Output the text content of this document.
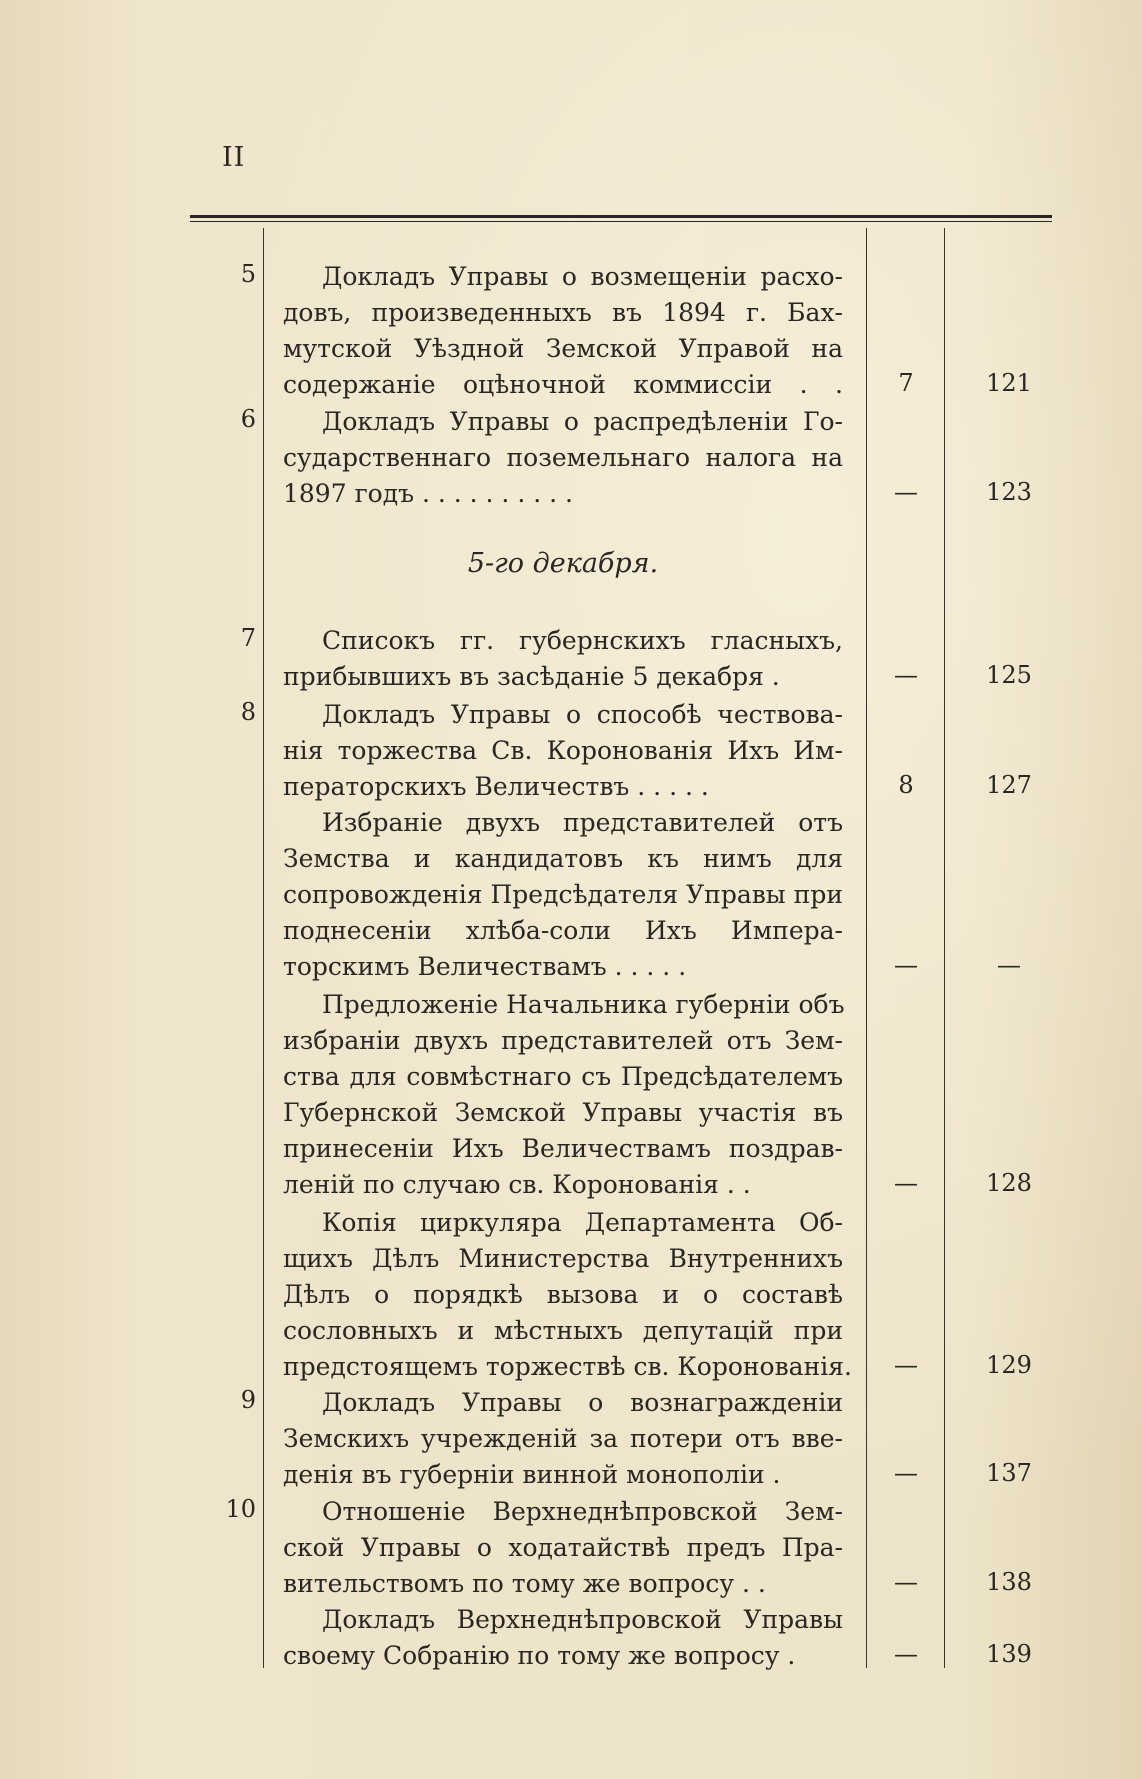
II
5	Докладъ Управы о возмещеніи расхо-
довъ, произведенныхъ въ 1894 г. Бах-
мутской Уѣздной Земской Управой на
содержаніе оцѣночной коммиссіи . .	7	121
6	Докладъ Управы о распредѣленіи Го-
сударственнаго поземельнаго налога на
1897 годъ . . . . . . . . . .	—	123
5-го декабря.
7	Списокъ гг. губернскихъ гласныхъ,
прибывшихъ въ засѣданіе 5 декабря .	—	125
8	Докладъ Управы о способѣ чествова-
нія торжества Св. Коронованія Ихъ Им-
ператорскихъ Величествъ . . . . .	8	127
Избраніе двухъ представителей отъ
Земства и кандидатовъ къ нимъ для
сопровожденія Предсѣдателя Управы при
поднесеніи хлѣба-соли Ихъ Импера-
торскимъ Величествамъ . . . . .	—	—
Предложеніе Начальника губерніи объ
избраніи двухъ представителей отъ Зем-
ства для совмѣстнаго съ Предсѣдателемъ
Губернской Земской Управы участія въ
принесеніи Ихъ Величествамъ поздрав-
леній по случаю св. Коронованія . .	—	128
Копія циркуляра Департамента Об-
щихъ Дѣлъ Министерства Внутреннихъ
Дѣлъ о порядкѣ вызова и о составѣ
сословныхъ и мѣстныхъ депутацій при
предстоящемъ торжествѣ св. Коронованія.	—	129
9	Докладъ Управы о вознагражденіи
Земскихъ учрежденій за потери отъ вве-
денія въ губерніи винной монополіи .	—	137
10	Отношеніе Верхнеднѣпровской Зем-
ской Управы о ходатайствѣ предъ Пра-
вительствомъ по тому же вопросу . .	—	138
Докладъ Верхнеднѣпровской Управы
своему Собранію по тому же вопросу .	—	139
